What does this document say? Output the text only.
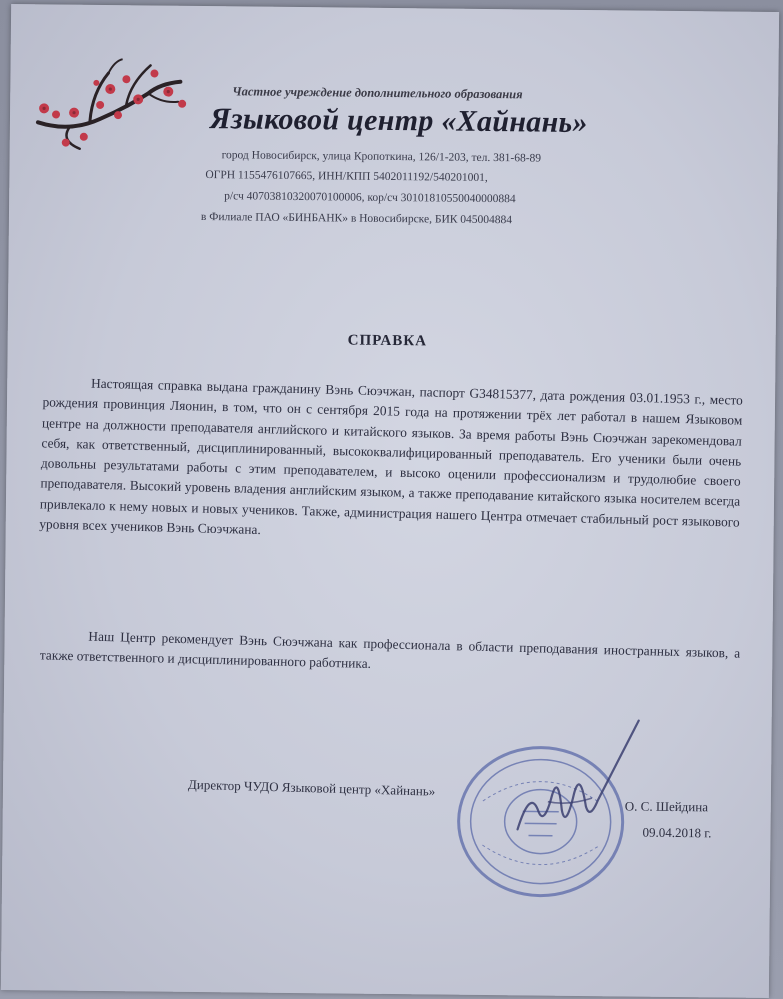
Частное учреждение дополнительного образования
Языковой центр «Хайнань»
город Новосибирск, улица Кропоткина, 126/1-203, тел. 381-68-89
ОГРН 1155476107665, ИНН/КПП 5402011192/540201001,
р/сч 40703810320070100006, кор/сч 30101810550040000884
в Филиале ПАО «БИНБАНК» в Новосибирске, БИК 045004884
СПРАВКА
Настоящая справка выдана гражданину Вэнь Сюэчжан, паспорт G34815377, дата рождения 03.01.1953 г., место рождения провинция Ляонин, в том, что он с сентября 2015 года на протяжении трёх лет работал в нашем Языковом центре на должности преподавателя английского и китайского языков. За время работы Вэнь Сюэчжан зарекомендовал себя, как ответственный, дисциплинированный, высококвалифицированный преподаватель. Его ученики были очень довольны результатами работы с этим преподавателем, и высоко оценили профессионализм и трудолюбие своего преподавателя. Высокий уровень владения английским языком, а также преподавание китайского языка носителем всегда привлекало к нему новых и новых учеников. Также, администрация нашего Центра отмечает стабильный рост языкового уровня всех учеников Вэнь Сюэчжана.
Наш Центр рекомендует Вэнь Сюэчжана как профессионала в области преподавания иностранных языков, а также ответственного и дисциплинированного работника.
Директор ЧУДО Языковой центр «Хайнань»
О. С. Шейдина
09.04.2018 г.
